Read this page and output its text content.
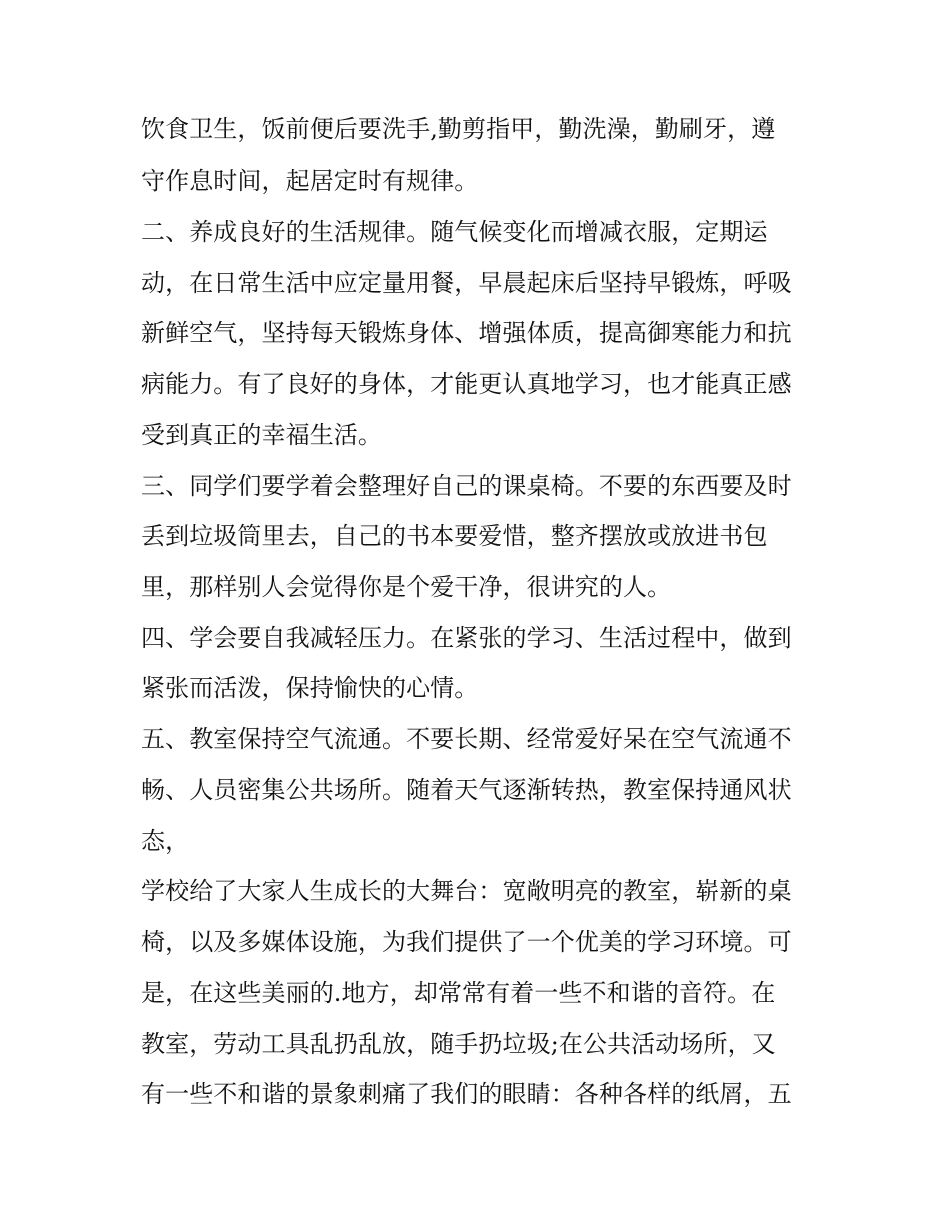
饮食卫生，饭前便后要洗手,勤剪指甲，勤洗澡，勤刷牙，遵
守作息时间，起居定时有规律。
二、养成良好的生活规律。随气候变化而增减衣服，定期运
动，在日常生活中应定量用餐，早晨起床后坚持早锻炼，呼吸
新鲜空气，坚持每天锻炼身体、增强体质，提高御寒能力和抗
病能力。有了良好的身体，才能更认真地学习，也才能真正感
受到真正的幸福生活。
三、同学们要学着会整理好自己的课桌椅。不要的东西要及时
丢到垃圾筒里去，自己的书本要爱惜，整齐摆放或放进书包
里，那样别人会觉得你是个爱干净，很讲究的人。
四、学会要自我减轻压力。在紧张的学习、生活过程中，做到
紧张而活泼，保持愉快的心情。
五、教室保持空气流通。不要长期、经常爱好呆在空气流通不
畅、人员密集公共场所。随着天气逐渐转热，教室保持通风状
态，
学校给了大家人生成长的大舞台：宽敞明亮的教室，崭新的桌
椅，以及多媒体设施，为我们提供了一个优美的学习环境。可
是，在这些美丽的.地方，却常常有着一些不和谐的音符。在
教室，劳动工具乱扔乱放，随手扔垃圾;在公共活动场所，又
有一些不和谐的景象刺痛了我们的眼睛：各种各样的纸屑，五
